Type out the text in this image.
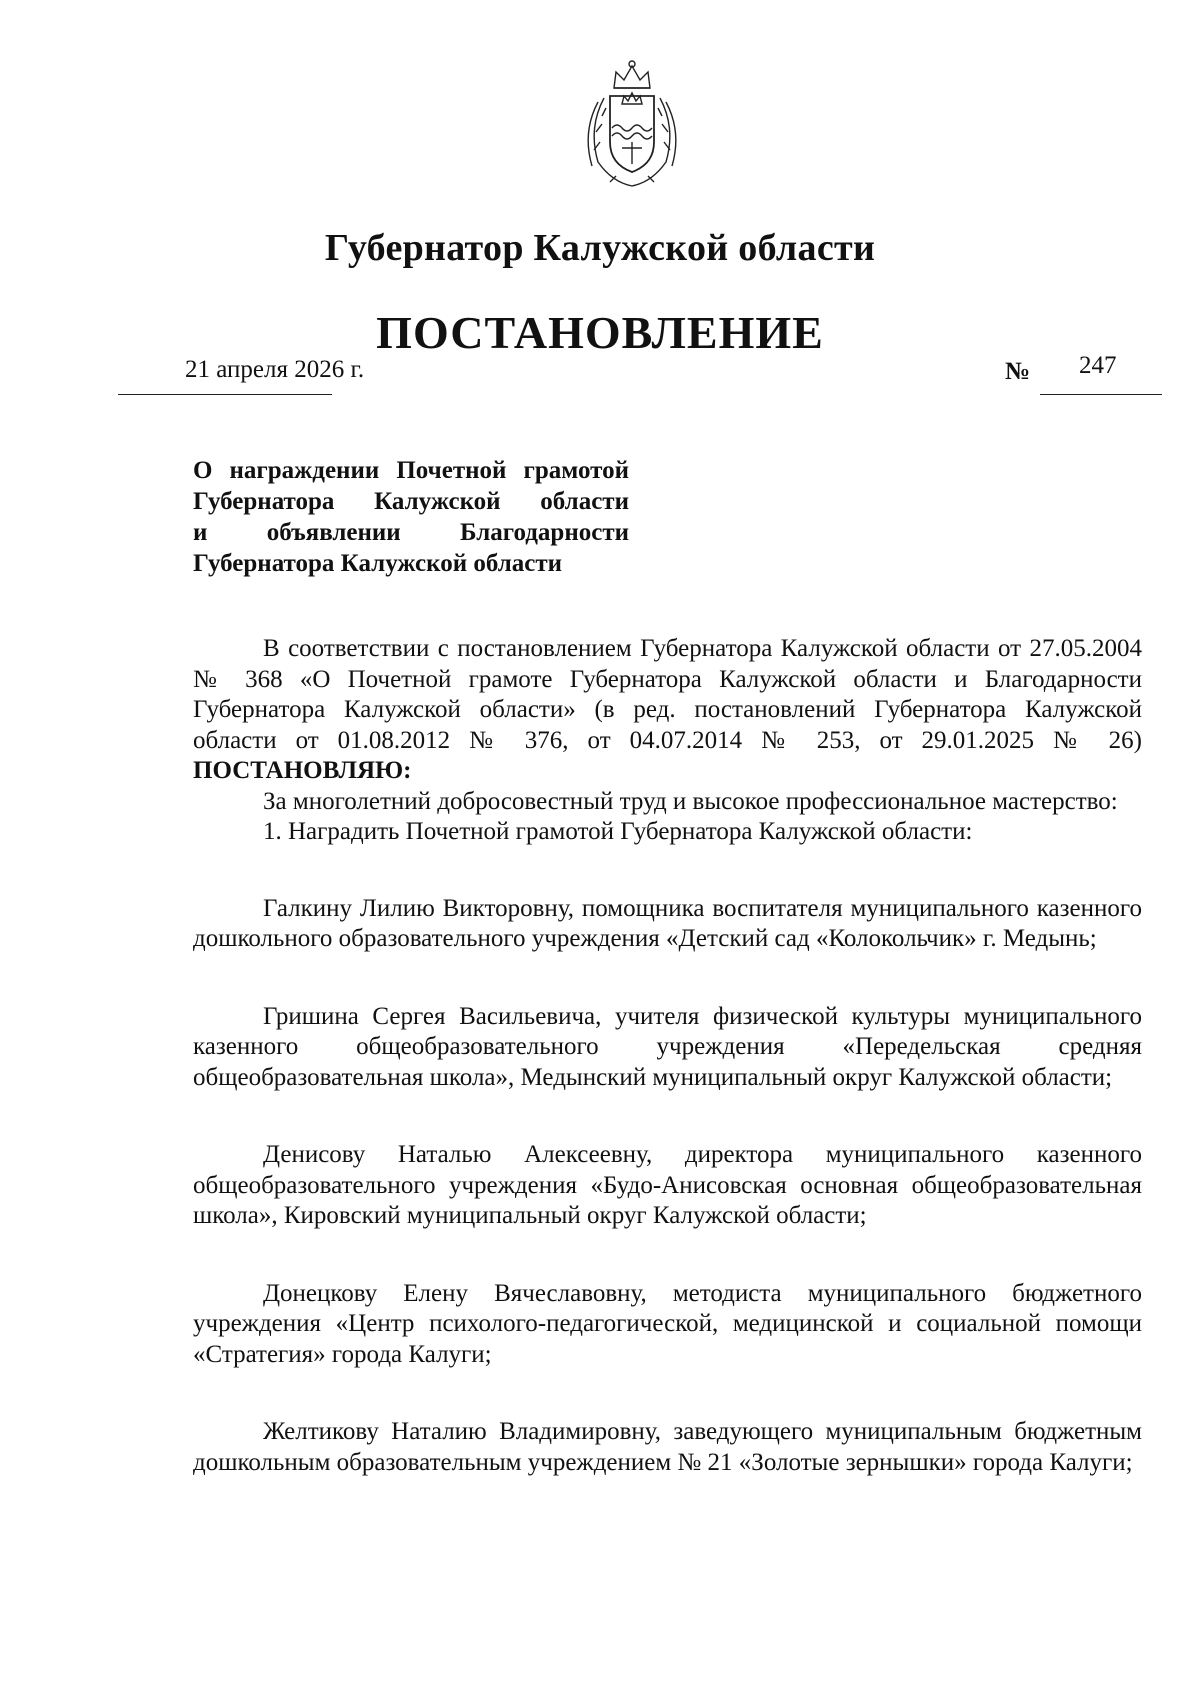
Губернатор Калужской области
ПОСТАНОВЛЕНИЕ
21 апреля 2026 г.	№ 247
О награждении Почетной грамотой
Губернатора Калужской области
и объявлении Благодарности
Губернатора Калужской области

В соответствии с постановлением Губернатора Калужской области от 27.05.2004 № 368 «О Почетной грамоте Губернатора Калужской области и Благодарности Губернатора Калужской области» (в ред. постановлений Губернатора Калужской области от 01.08.2012 № 376, от 04.07.2014 № 253, от 29.01.2025 № 26) ПОСТАНОВЛЯЮ:

За многолетний добросовестный труд и высокое профессиональное мастерство:

1. Наградить Почетной грамотой Губернатора Калужской области:

Галкину Лилию Викторовну, помощника воспитателя муниципального казенного дошкольного образовательного учреждения «Детский сад «Колокольчик» г. Медынь;

Гришина Сергея Васильевича, учителя физической культуры муниципального казенного общеобразовательного учреждения «Передельская средняя общеобразовательная школа», Медынский муниципальный округ Калужской области;

Денисову Наталью Алексеевну, директора муниципального казенного общеобразовательного учреждения «Будо-Анисовская основная общеобразовательная школа», Кировский муниципальный округ Калужской области;

Донецкову Елену Вячеславовну, методиста муниципального бюджетного учреждения «Центр психолого-педагогической, медицинской и социальной помощи «Стратегия» города Калуги;

Желтикову Наталию Владимировну, заведующего муниципальным бюджетным дошкольным образовательным учреждением № 21 «Золотые зернышки» города Калуги;
